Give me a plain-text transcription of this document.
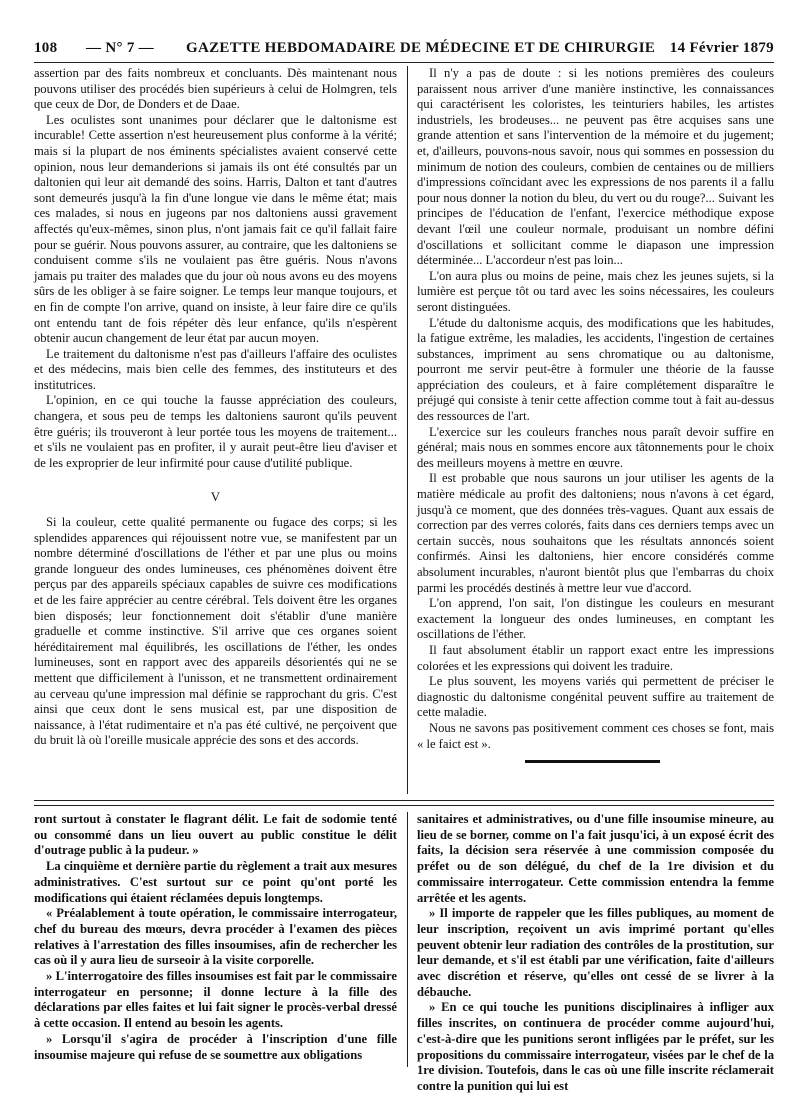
108 — N° 7 — GAZETTE HEBDOMADAIRE DE MÉDECINE ET DE CHIRURGIE 14 Février 1879

assertion par des faits nombreux et concluants. Dès maintenant nous pouvons utiliser des procédés bien supérieurs à celui de Holmgren, tels que ceux de Dor, de Donders et de Daae.

Les oculistes sont unanimes pour déclarer que le daltonisme est incurable! Cette assertion n'est heureusement plus conforme à la vérité; mais si la plupart de nos éminents spécialistes avaient conservé cette opinion, nous leur demanderions si jamais ils ont été consultés par un daltonien qui leur ait demandé des soins. Harris, Dalton et tant d'autres sont demeurés jusqu'à la fin d'une longue vie dans le même état; mais ces malades, si nous en jugeons par nos daltoniens aussi gravement affectés qu'eux-mêmes, sinon plus, n'ont jamais fait ce qu'il fallait faire pour se guérir. Nous pouvons assurer, au contraire, que les daltoniens se conduisent comme s'ils ne voulaient pas être guéris. Nous n'avons jamais pu traiter des malades que du jour où nous avons eu des moyens sûrs de les obliger à se faire soigner. Le temps leur manque toujours, et en fin de compte l'on arrive, quand on insiste, à leur faire dire ce qu'ils ont entendu tant de fois répéter dès leur enfance, qu'ils n'espèrent obtenir aucun changement de leur état par aucun moyen.

Le traitement du daltonisme n'est pas d'ailleurs l'affaire des oculistes et des médecins, mais bien celle des femmes, des instituteurs et des institutrices.

L'opinion, en ce qui touche la fausse appréciation des couleurs, changera, et sous peu de temps les daltoniens sauront qu'ils peuvent être guéris; ils trouveront à leur portée tous les moyens de traitement... et s'ils ne voulaient pas en profiter, il y aurait peut-être lieu d'aviser et de les exproprier de leur infirmité pour cause d'utilité publique.

V

Si la couleur, cette qualité permanente ou fugace des corps; si les splendides apparences qui réjouissent notre vue, se manifestent par un nombre déterminé d'oscillations de l'éther et par une plus ou moins grande longueur des ondes lumineuses, ces phénomènes doivent être perçus par des appareils spéciaux capables de suivre ces modifications et de les faire apprécier au centre cérébral. Tels doivent être les organes bien disposés; leur fonctionnement doit s'établir d'une manière graduelle et comme instinctive. S'il arrive que ces organes soient héréditairement mal équilibrés, les oscillations de l'éther, les ondes lumineuses, sont en rapport avec des appareils désorientés qui ne se mettent que difficilement à l'unisson, et ne transmettent ordinairement au cerveau qu'une impression mal définie se rapprochant du gris. C'est ainsi que ceux dont le sens musical est, par une disposition de naissance, à l'état rudimentaire et n'a pas été cultivé, ne perçoivent que du bruit là où l'oreille musicale apprécie des sons et des accords.

Il n'y a pas de doute : si les notions premières des couleurs paraissent nous arriver d'une manière instinctive, les connaissances qui caractérisent les coloristes, les teinturiers habiles, les artistes industriels, les brodeuses... ne peuvent pas être acquises sans une grande attention et sans l'intervention de la mémoire et du jugement; et, d'ailleurs, pouvons-nous savoir, nous qui sommes en possession du minimum de notion des couleurs, combien de centaines ou de milliers d'impressions coïncidant avec les expressions de nos parents il a fallu pour nous donner la notion du bleu, du vert ou du rouge?... Suivant les principes de l'éducation de l'enfant, l'exercice méthodique expose devant l'œil une couleur normale, produisant un nombre défini d'oscillations et sollicitant comme le diapason une impression déterminée... L'accordeur n'est pas loin...

L'on aura plus ou moins de peine, mais chez les jeunes sujets, si la lumière est perçue tôt ou tard avec les soins nécessaires, les couleurs seront distinguées.

L'étude du daltonisme acquis, des modifications que les habitudes, la fatigue extrême, les maladies, les accidents, l'ingestion de certaines substances, impriment au sens chromatique ou au daltonisme, pourront me servir peut-être à formuler une théorie de la fausse appréciation des couleurs, et à faire complétement disparaître le préjugé qui consiste à tenir cette affection comme tout à fait au-dessus des ressources de l'art.

L'exercice sur les couleurs franches nous paraît devoir suffire en général; mais nous en sommes encore aux tâtonnements pour le choix des meilleurs moyens à mettre en œuvre.

Il est probable que nous saurons un jour utiliser les agents de la matière médicale au profit des daltoniens; nous n'avons à cet égard, jusqu'à ce moment, que des données très-vagues. Quant aux essais de correction par des verres colorés, faits dans ces derniers temps avec un certain succès, nous souhaitons que les résultats annoncés soient confirmés. Ainsi les daltoniens, hier encore considérés comme absolument incurables, n'auront bientôt plus que l'embarras du choix parmi les procédés destinés à mettre leur vue d'accord.

L'on apprend, l'on sait, l'on distingue les couleurs en mesurant exactement la longueur des ondes lumineuses, en comptant les oscillations de l'éther.

Il faut absolument établir un rapport exact entre les impressions colorées et les expressions qui doivent les traduire.

Le plus souvent, les moyens variés qui permettent de préciser le diagnostic du daltonisme congénital peuvent suffire au traitement de cette maladie.

Nous ne savons pas positivement comment ces choses se font, mais « le faict est ».

ront surtout à constater le flagrant délit. Le fait de sodomie tenté ou consommé dans un lieu ouvert au public constitue le délit d'outrage public à la pudeur. »

La cinquième et dernière partie du règlement a trait aux mesures administratives. C'est surtout sur ce point qu'ont porté les modifications qui étaient réclamées depuis longtemps.

« Préalablement à toute opération, le commissaire interrogateur, chef du bureau des mœurs, devra procéder à l'examen des pièces relatives à l'arrestation des filles insoumises, afin de rechercher les cas où il y aura lieu de surseoir à la visite corporelle.

» L'interrogatoire des filles insoumises est fait par le commissaire interrogateur en personne; il donne lecture à la fille des déclarations par elles faites et lui fait signer le procès-verbal dressé à cette occasion. Il entend au besoin les agents.

» Lorsqu'il s'agira de procéder à l'inscription d'une fille insoumise majeure qui refuse de se soumettre aux obligations

sanitaires et administratives, ou d'une fille insoumise mineure, au lieu de se borner, comme on l'a fait jusqu'ici, à un exposé écrit des faits, la décision sera réservée à une commission composée du préfet ou de son délégué, du chef de la 1re division et du commissaire interrogateur. Cette commission entendra la femme arrêtée et les agents.

» Il importe de rappeler que les filles publiques, au moment de leur inscription, reçoivent un avis imprimé portant qu'elles peuvent obtenir leur radiation des contrôles de la prostitution, sur leur demande, et s'il est établi par une vérification, faite d'ailleurs avec discrétion et réserve, qu'elles ont cessé de se livrer à la débauche.

» En ce qui touche les punitions disciplinaires à infliger aux filles inscrites, on continuera de procéder comme aujourd'hui, c'est-à-dire que les punitions seront infligées par le préfet, sur les propositions du commissaire interrogateur, visées par le chef de la 1re division. Toutefois, dans le cas où une fille inscrite réclamerait contre la punition qui lui est
